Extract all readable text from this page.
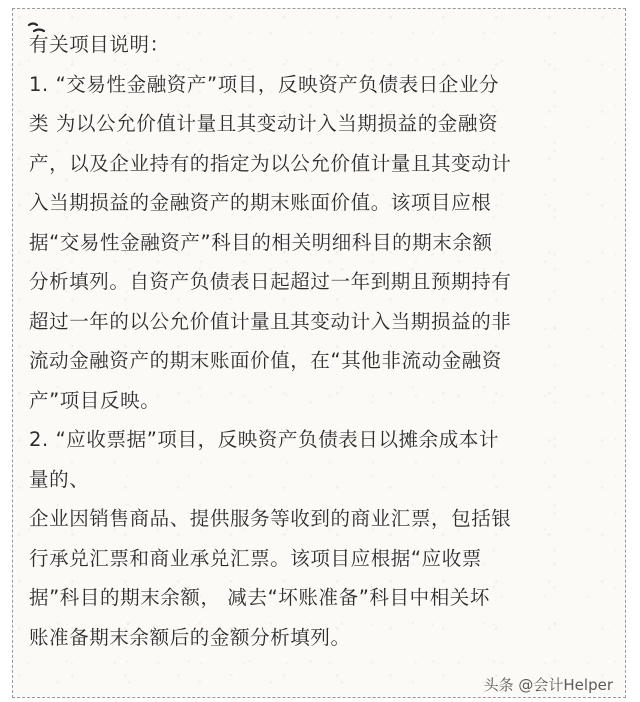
有关项目说明：
1. “交易性金融资产”项目，反映资产负债表日企业分
类 为以公允价值计量且其变动计入当期损益的金融资
产，以及企业持有的指定为以公允价值计量且其变动计
入当期损益的金融资产的期末账面价值。该项目应根
据“交易性金融资产”科目的相关明细科目的期末余额
分析填列。自资产负债表日起超过一年到期且预期持有
超过一年的以公允价值计量且其变动计入当期损益的非
流动金融资产的期末账面价值，在“其他非流动金融资
产”项目反映。
2. “应收票据”项目，反映资产负债表日以摊余成本计
量的、
企业因销售商品、提供服务等收到的商业汇票，包括银
行承兑汇票和商业承兑汇票。该项目应根据“应收票
据”科目的期末余额， 减去“坏账准备”科目中相关坏
账准备期末余额后的金额分析填列。
头条 @会计Helper
